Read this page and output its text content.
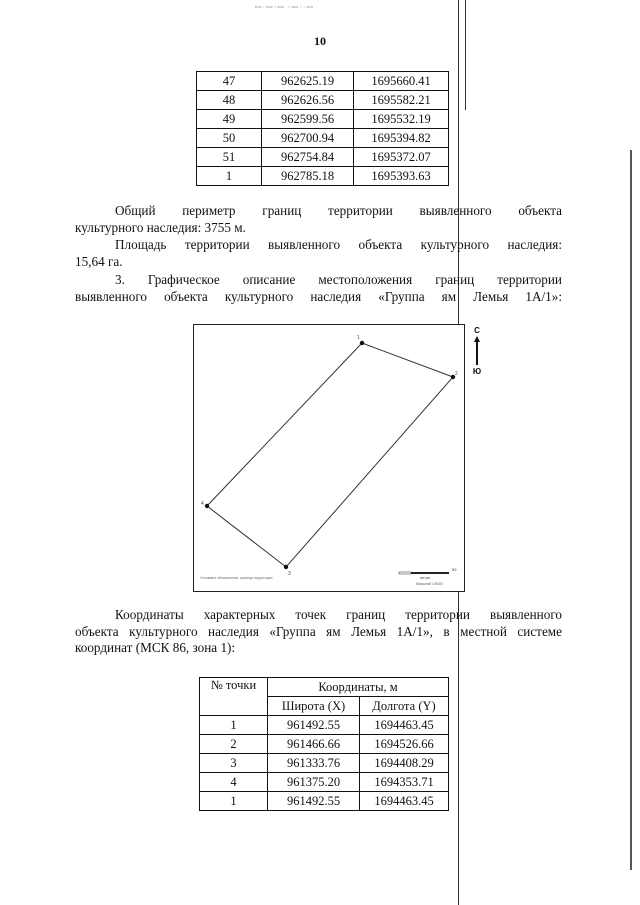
ꟷ·ꟷ·ꟷ ·ꟷ··ꟷ
10
47	962625.19	1695660.41
48	962626.56	1695582.21
49	962599.56	1695532.19
50	962700.94	1695394.82
51	962754.84	1695372.07
1	962785.18	1695393.63
Общий периметр границ территории выявленного объекта
культурного наследия: 3755 м.
Площадь территории выявленного объекта культурного наследия:
15,64 га.
3. Графическое описание местоположения границ территории
выявленного объекта культурного наследия «Группа ям Лемья 1А/1»:
1
2
3
4
50
метры
Масштаб 1:5000
Условные обозначения: граница территории
С
Ю
Координаты характерных точек границ территории выявленного
объекта культурного наследия «Группа ям Лемья 1А/1», в местной системе
координат (МСК 86, зона 1):
№ точки	Координаты, м	
	Широта (X)	Долгота (Y)
1	961492.55	1694463.45
2	961466.66	1694526.66
3	961333.76	1694408.29
4	961375.20	1694353.71
1	961492.55	1694463.45
